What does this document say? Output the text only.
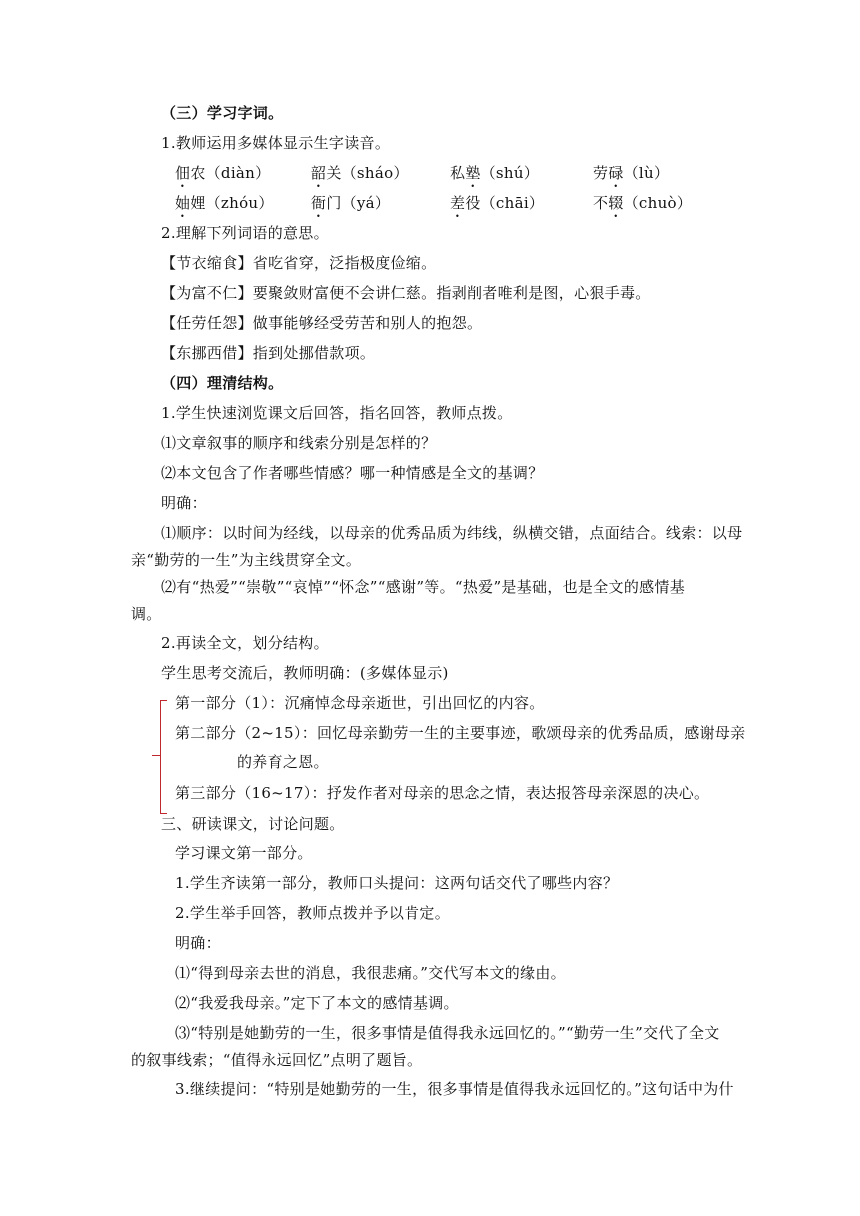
（三）学习字词。
1.教师运用多媒体显示生字读音。
佃农（diàn）	韶关（sháo）	私塾（shú）	劳碌（lù）
妯娌（zhóu） 衙门（yá）	差役（chāi）	不辍（chuò）
2.理解下列词语的意思。
【节衣缩食】省吃省穿，泛指极度俭缩。
【为富不仁】要聚敛财富便不会讲仁慈。指剥削者唯利是图，心狠手毒。
【任劳任怨】做事能够经受劳苦和别人的抱怨。
【东挪西借】指到处挪借款项。
（四）理清结构。
1.学生快速浏览课文后回答，指名回答，教师点拨。
⑴文章叙事的顺序和线索分别是怎样的？
⑵本文包含了作者哪些情感？哪一种情感是全文的基调？
明确：
⑴顺序：以时间为经线，以母亲的优秀品质为纬线，纵横交错，点面结合。线索：以母
亲“勤劳的一生”为主线贯穿全文。
⑵有“热爱”“崇敬”“哀悼”“怀念”“感谢”等。“热爱”是基础，也是全文的感情基
调。
2.再读全文，划分结构。
学生思考交流后，教师明确：(多媒体显示)
第一部分（1）：沉痛悼念母亲逝世，引出回忆的内容。
第二部分（2~15）：回忆母亲勤劳一生的主要事迹，歌颂母亲的优秀品质，感谢母亲
的养育之恩。
第三部分（16~17）：抒发作者对母亲的思念之情，表达报答母亲深恩的决心。
三、研读课文，讨论问题。
学习课文第一部分。
1.学生齐读第一部分，教师口头提问：这两句话交代了哪些内容？
2.学生举手回答，教师点拨并予以肯定。
明确：
⑴“得到母亲去世的消息，我很悲痛。”交代写本文的缘由。
⑵“我爱我母亲。”定下了本文的感情基调。
⑶“特别是她勤劳的一生，很多事情是值得我永远回忆的。”“勤劳一生”交代了全文
的叙事线索；“值得永远回忆”点明了题旨。
3.继续提问：“特别是她勤劳的一生，很多事情是值得我永远回忆的。”这句话中为什
